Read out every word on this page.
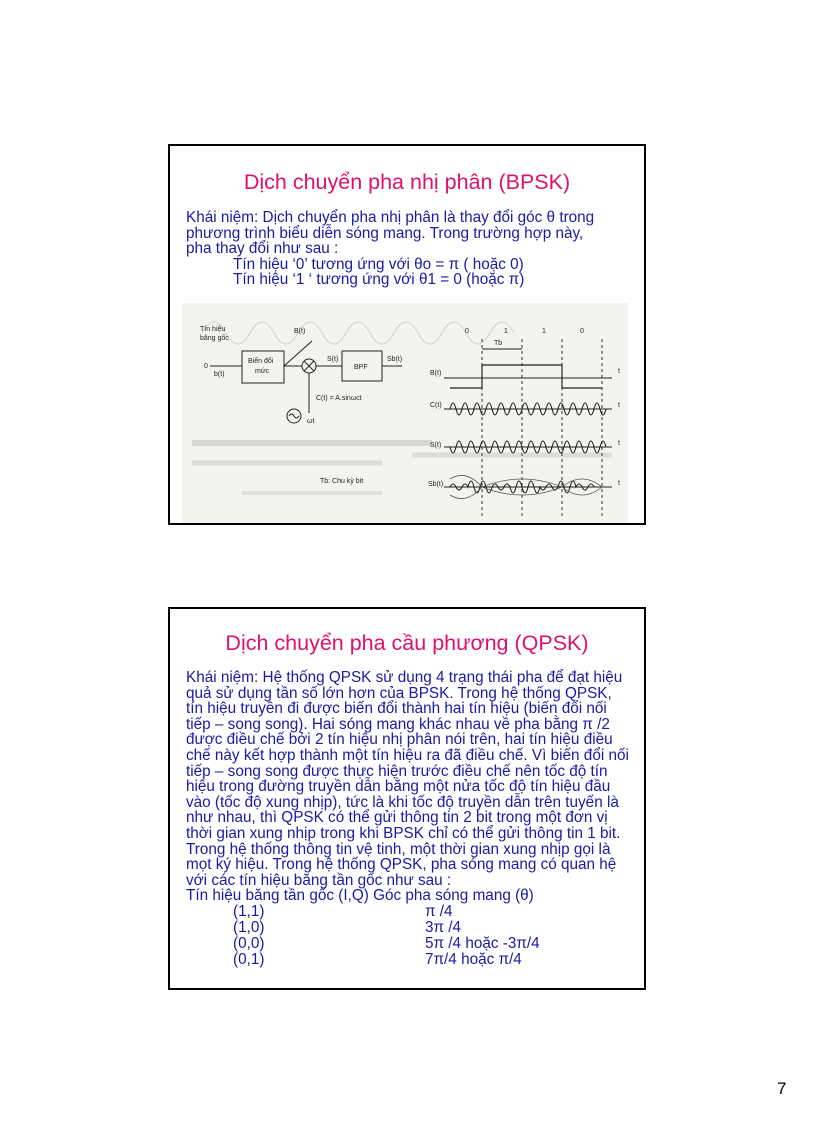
Dịch chuyển pha nhị phân (BPSK)
Khái niệm: Dịch chuyển pha nhị phân là thay đổi góc θ trong
phương trình biểu diễn sóng mang. Trong trường hợp này,
pha thay đổi như sau :
Tín hiệu ‘0’ tương ứng với θo = π ( hoặc 0)
Tín hiệu ‘1 ‘ tương ứng với θ1 = 0 (hoặc π)
Tín hiệu
băng gốc
0
b(t)
Biến đổi
mức
B(t)
S(t)
BPF
Sb(t)
C(t) = A.sinωct
ωt
Tb: Chu kỳ bit
0	1	1	0
Tb
B(t)	t
C(t)	t
S(t)	t
Sb(t)	t
Dịch chuyển pha cầu phương (QPSK)
Khái niệm: Hệ thống QPSK sử dụng 4 trạng thái pha để đạt hiệu
quả sử dụng tần số lớn hơn của BPSK. Trong hệ thống QPSK,
tín hiệu truyền đi được biến đổi thành hai tín hiệu (biến đổi nối
tiếp – song song). Hai sóng mang khác nhau về pha bằng π /2
được điều chế bởi 2 tín hiệu nhị phân nói trên, hai tín hiệu điều
chế này kết hợp thành một tín hiệu ra đã điều chế. Vì biến đổi nối
tiếp – song song được thực hiện trước điều chế nên tốc độ tín
hiệu trong đường truyền dẫn bằng một nửa tốc độ tín hiệu đầu
vào (tốc độ xung nhịp), tức là khi tốc độ truyền dẫn trên tuyến là
như nhau, thì QPSK có thể gửi thông tin 2 bit trong một đơn vị
thời gian xung nhịp trong khi BPSK chỉ có thể gửi thông tin 1 bit.
Trong hệ thống thông tin vệ tinh, một thời gian xung nhịp gọi là
mọt ký hiệu. Trong hệ thống QPSK, pha sóng mang có quan hệ
với các tín hiệu băng tần gốc như sau :
Tín hiệu băng tần gốc (I,Q) Góc pha sóng mang (θ)
(1,1)	π /4
(1,0)	3π /4
(0,0)	5π /4 hoặc -3π/4
(0,1)	7π/4 hoặc π/4
7
